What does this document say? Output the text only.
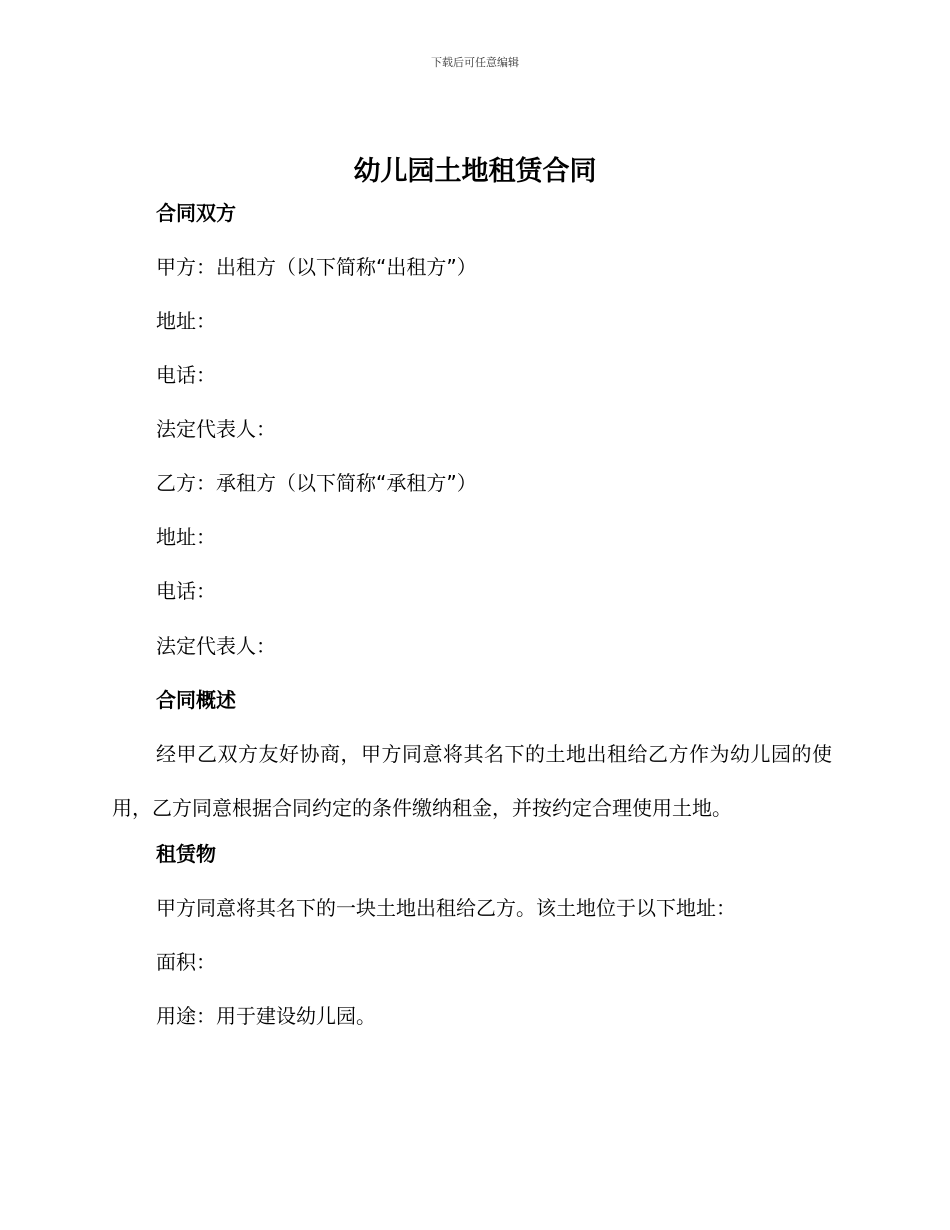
下载后可任意编辑
幼儿园土地租赁合同
合同双方
甲方：出租方（以下简称“出租方”）
地址：
电话：
法定代表人：
乙方：承租方（以下简称“承租方”）
地址：
电话：
法定代表人：
合同概述
经甲乙双方友好协商，甲方同意将其名下的土地出租给乙方作为幼儿园的使用，乙方同意根据合同约定的条件缴纳租金，并按约定合理使用土地。
租赁物
甲方同意将其名下的一块土地出租给乙方。该土地位于以下地址：
面积：
用途：用于建设幼儿园。
